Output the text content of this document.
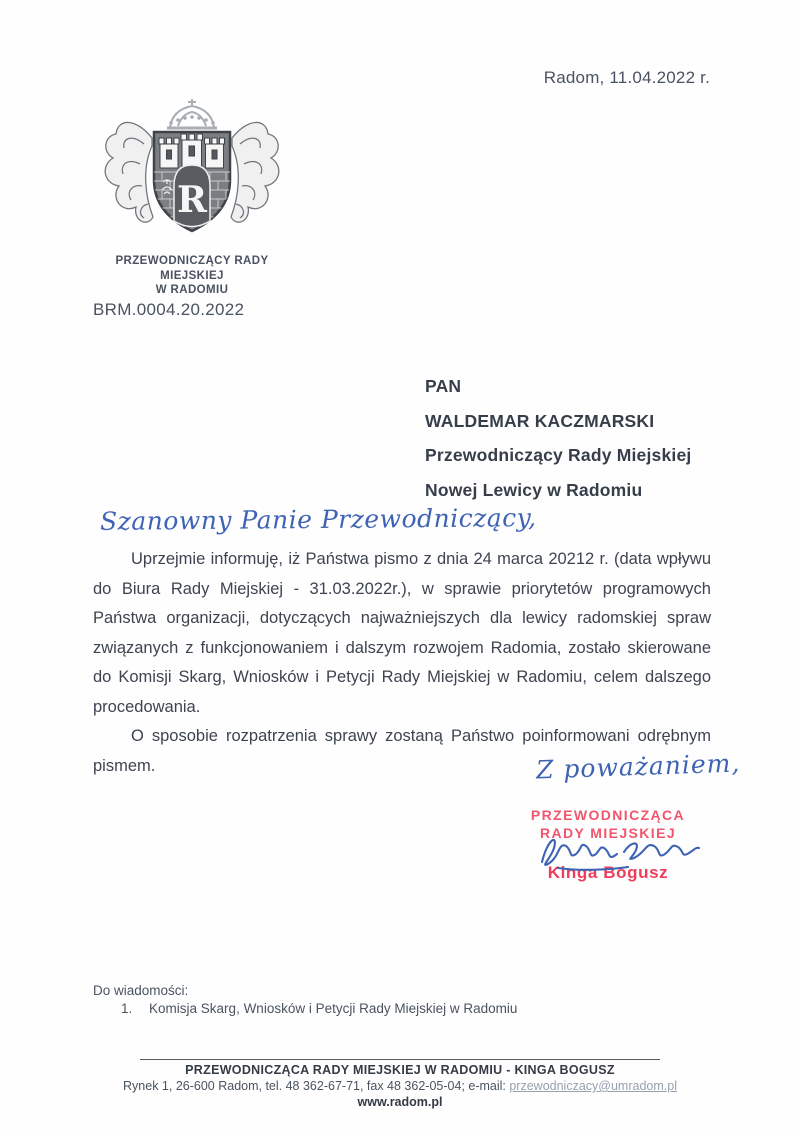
Radom, 11.04.2022 r.
R
PRZEWODNICZĄCY RADY MIEJSKIEJ
W RADOMIU
BRM.0004.20.2022
PAN
WALDEMAR KACZMARSKI
Przewodniczący Rady Miejskiej
Nowej Lewicy w Radomiu
Szanowny Panie Przewodniczący,

Uprzejmie informuję, iż Państwa pismo z dnia 24 marca 20212 r. (data wpływu do Biura Rady Miejskiej - 31.03.2022r.), w sprawie priorytetów programowych Państwa organizacji, dotyczących najważniejszych dla lewicy radomskiej spraw związanych z funkcjonowaniem i dalszym rozwojem Radomia, zostało skierowane do Komisji Skarg, Wniosków i Petycji Rady Miejskiej w Radomiu, celem dalszego procedowania.

O sposobie rozpatrzenia sprawy zostaną Państwo poinformowani odrębnym pismem.	Z poważaniem,
PRZEWODNICZĄCA
RADY MIEJSKIEJ
Kinga Bogusz
Do wiadomości:
1. Komisja Skarg, Wniosków i Petycji Rady Miejskiej w Radomiu
PRZEWODNICZĄCA RADY MIEJSKIEJ W RADOMIU - KINGA BOGUSZ
Rynek 1, 26-600 Radom, tel. 48 362-67-71, fax 48 362-05-04; e-mail: przewodniczacy@umradom.pl
www.radom.pl
